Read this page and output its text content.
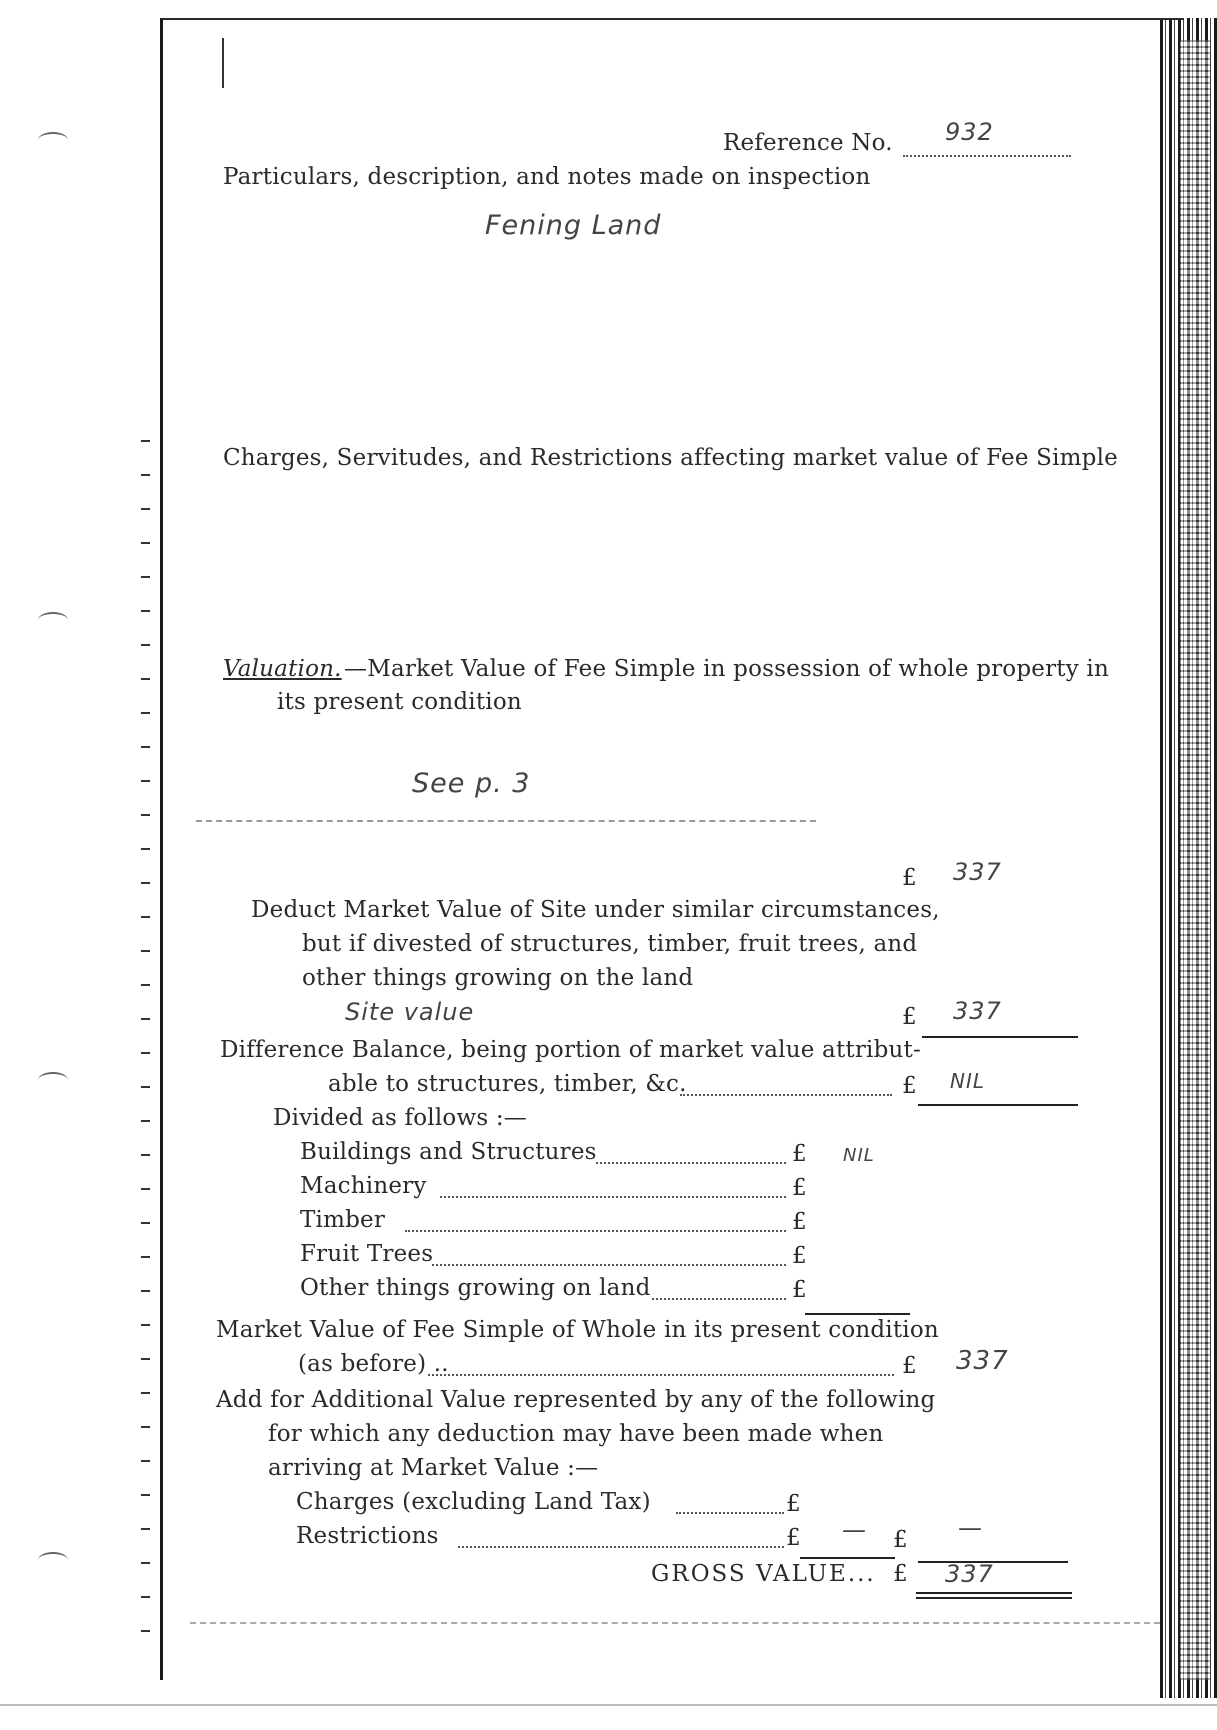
Reference No. 932
Particulars, description, and notes made on inspection
Fening Land
Charges, Servitudes, and Restrictions affecting market value of Fee Simple
Valuation. —Market Value of Fee Simple in possession of whole property in
its present condition
See p. 3
£ 337
Deduct Market Value of Site under similar circumstances,
but if divested of structures, timber, fruit trees, and
other things growing on the land
Site value	£ 337
Difference Balance, being portion of market value attribut-
able to structures, timber, &c.	£ NIL
Divided as follows :—
Buildings and Structures	£ NIL
Machinery	£
Timber	£
Fruit Trees	£
Other things growing on land	£
Market Value of Fee Simple of Whole in its present condition
(as before) ..	£ 337
Add for Additional Value represented by any of the following
for which any deduction may have been made when
arriving at Market Value :—
Charges (excluding Land Tax)	£
Restrictions	£ — £ —
GROSS VALUE... £ 337
